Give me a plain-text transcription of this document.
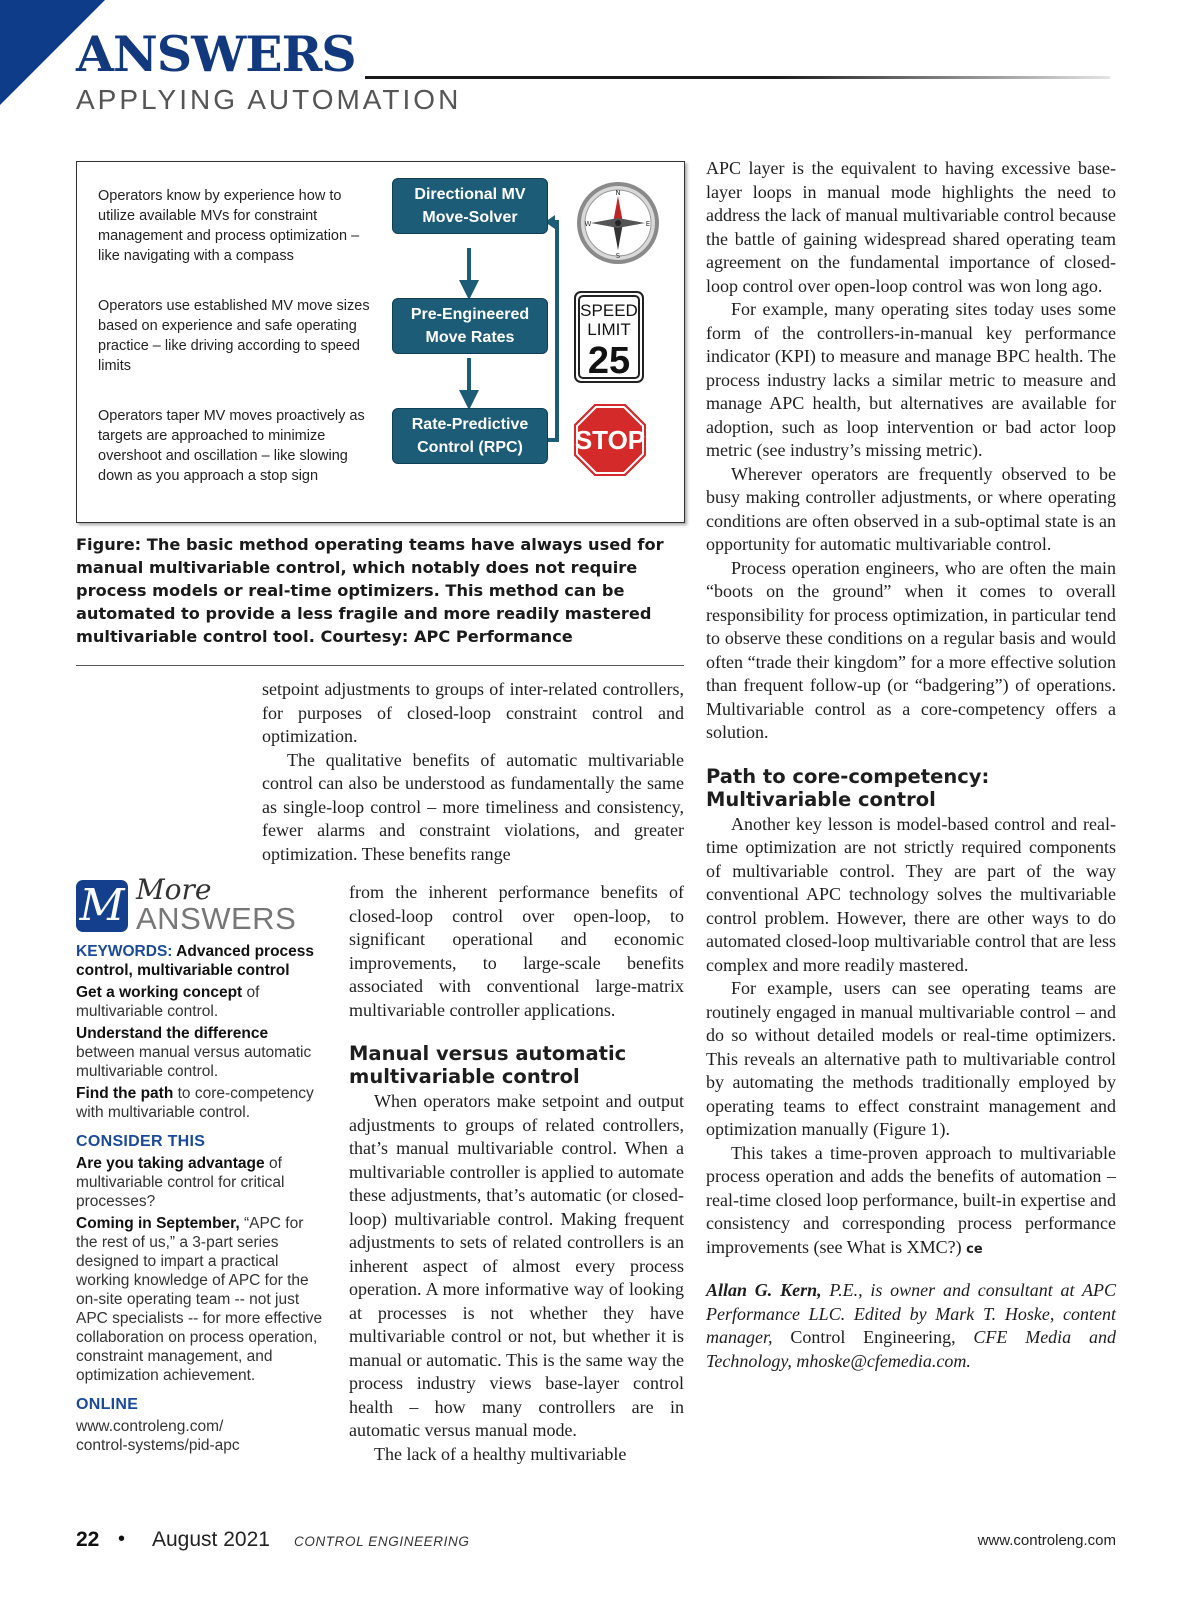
ANSWERS
APPLYING AUTOMATION
Operators know by experience how to utilize available MVs for constraint management and process optimization – like navigating with a compass
Operators use established MV move sizes based on experience and safe operating practice – like driving according to speed limits
Operators taper MV moves proactively as targets are approached to minimize overshoot and oscillation – like slowing down as you approach a stop sign
Directional MV Move-Solver
Pre-Engineered Move Rates
Rate-Predictive Control (RPC)
N
E
S
W
SPEED
LIMIT
25
STOP
Figure: The basic method operating teams have always used for manual multivariable control, which notably does not require process models or real-time optimizers. This method can be automated to provide a less fragile and more readily mastered multivariable control tool. Courtesy: APC Performance

setpoint adjustments to groups of inter-related controllers, for purposes of closed-loop constraint control and optimization.

The qualitative benefits of automatic multivariable control can also be understood as fundamentally the same as single-loop control – more timeliness and consistency, fewer alarms and constraint violations, and greater optimization. These benefits range

from the inherent performance benefits of closed-loop control over open-loop, to significant operational and economic improvements, to large-scale benefits associated with conventional large-matrix multivariable controller applications.

Manual versus automatic multivariable control

When operators make setpoint and output adjustments to groups of related controllers, that’s manual multivariable control. When a multivariable controller is applied to automate these adjustments, that’s automatic (or closed-loop) multivariable control. Making frequent adjustments to sets of related controllers is an inherent aspect of almost every process operation. A more informative way of looking at processes is not whether they have multivariable control or not, but whether it is manual or automatic. This is the same way the process industry views base-layer control health – how many controllers are in automatic versus manual mode.

The lack of a healthy multivariable

APC layer is the equivalent to having excessive base-layer loops in manual mode highlights the need to address the lack of manual multivariable control because the battle of gaining widespread shared operating team agreement on the fundamental importance of closed-loop control over open-loop control was won long ago.

For example, many operating sites today uses some form of the controllers-in-manual key performance indicator (KPI) to measure and manage BPC health. The process industry lacks a similar metric to measure and manage APC health, but alternatives are available for adoption, such as loop intervention or bad actor loop metric (see industry’s missing metric).

Wherever operators are frequently observed to be busy making controller adjustments, or where operating conditions are often observed in a sub-optimal state is an opportunity for automatic multivariable control.

Process operation engineers, who are often the main “boots on the ground” when it comes to overall responsibility for process optimization, in particular tend to observe these conditions on a regular basis and would often “trade their kingdom” for a more effective solution than frequent follow-up (or “badgering”) of operations. Multivariable control as a core-competency offers a solution.

Path to core-competency: Multivariable control

Another key lesson is model-based control and real-time optimization are not strictly required components of multivariable control. They are part of the way conventional APC technology solves the multivariable control problem. However, there are other ways to do automated closed-loop multivariable control that are less complex and more readily mastered.

For example, users can see operating teams are routinely engaged in manual multivariable control – and do so without detailed models or real-time optimizers. This reveals an alternative path to multivariable control by automating the methods traditionally employed by operating teams to effect constraint management and optimization manually (Figure 1).

This takes a time-proven approach to multivariable process operation and adds the benefits of automation – real-time closed loop performance, built-in expertise and consistency and corresponding process performance improvements (see What is XMC?) ce

Allan G. Kern, P.E., is owner and consultant at APC Performance LLC. Edited by Mark T. Hoske, content manager, Control Engineering, CFE Media and Technology, mhoske@cfemedia.com.

M More
ANSWERS
KEYWORDS: Advanced process control, multivariable control
Get a working concept of multivariable control.
Understand the difference between manual versus automatic multivariable control.
Find the path to core-competency with multivariable control.
CONSIDER THIS
Are you taking advantage of multivariable control for critical processes?
Coming in September, “APC for the rest of us,” a 3-part series designed to impart a practical working knowledge of APC for the on-site operating team -- not just APC specialists -- for more effective collaboration on process operation, constraint management, and optimization achievement.
ONLINE
www.controleng.com/
control-systems/pid-apc
22 • August 2021 CONTROL ENGINEERING	www.controleng.com
